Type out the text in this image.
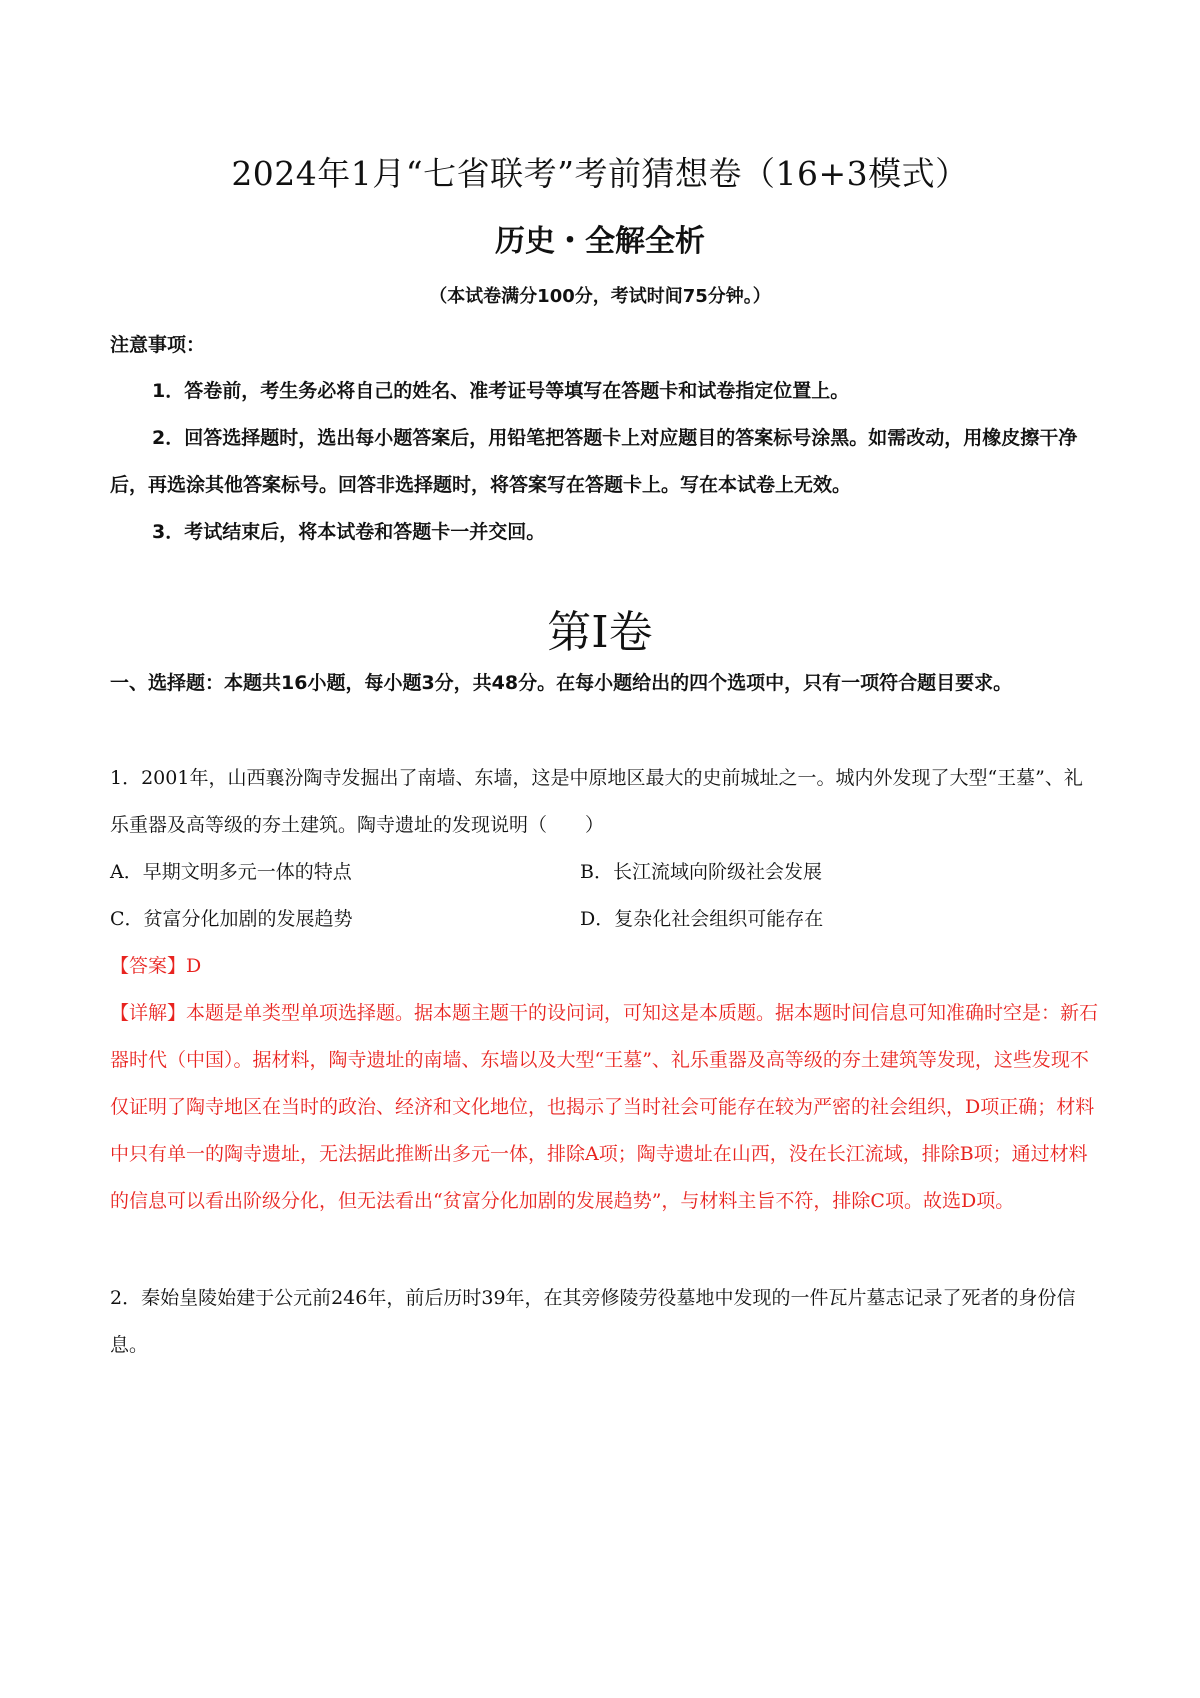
2024年1月“七省联考”考前猜想卷（16+3模式）
历史・全解全析
（本试卷满分100分，考试时间75分钟。）
注意事项：

1．答卷前，考生务必将自己的姓名、准考证号等填写在答题卡和试卷指定位置上。

2．回答选择题时，选出每小题答案后，用铅笔把答题卡上对应题目的答案标号涂黑。如需改动，用橡皮擦干净后，再选涂其他答案标号。回答非选择题时，将答案写在答题卡上。写在本试卷上无效。

3．考试结束后，将本试卷和答题卡一并交回。

第Ⅰ卷
一、选择题：本题共16小题，每小题3分，共48分。在每小题给出的四个选项中，只有一项符合题目要求。

1．2001年，山西襄汾陶寺发掘出了南墙、东墙，这是中原地区最大的史前城址之一。城内外发现了大型“王墓”、礼乐重器及高等级的夯土建筑。陶寺遗址的发现说明（　　）

A．早期文明多元一体的特点	B．长江流域向阶级社会发展
C．贫富分化加剧的发展趋势	D．复杂化社会组织可能存在

【答案】D

【详解】本题是单类型单项选择题。据本题主题干的设问词，可知这是本质题。据本题时间信息可知准确时空是：新石器时代（中国）。据材料，陶寺遗址的南墙、东墙以及大型“王墓”、礼乐重器及高等级的夯土建筑等发现，这些发现不仅证明了陶寺地区在当时的政治、经济和文化地位，也揭示了当时社会可能存在较为严密的社会组织，D项正确；材料中只有单一的陶寺遗址，无法据此推断出多元一体，排除A项；陶寺遗址在山西，没在长江流域，排除B项；通过材料的信息可以看出阶级分化，但无法看出“贫富分化加剧的发展趋势”，与材料主旨不符，排除C项。故选D项。

2．秦始皇陵始建于公元前246年，前后历时39年，在其旁修陵劳役墓地中发现的一件瓦片墓志记录了死者的身份信息。
